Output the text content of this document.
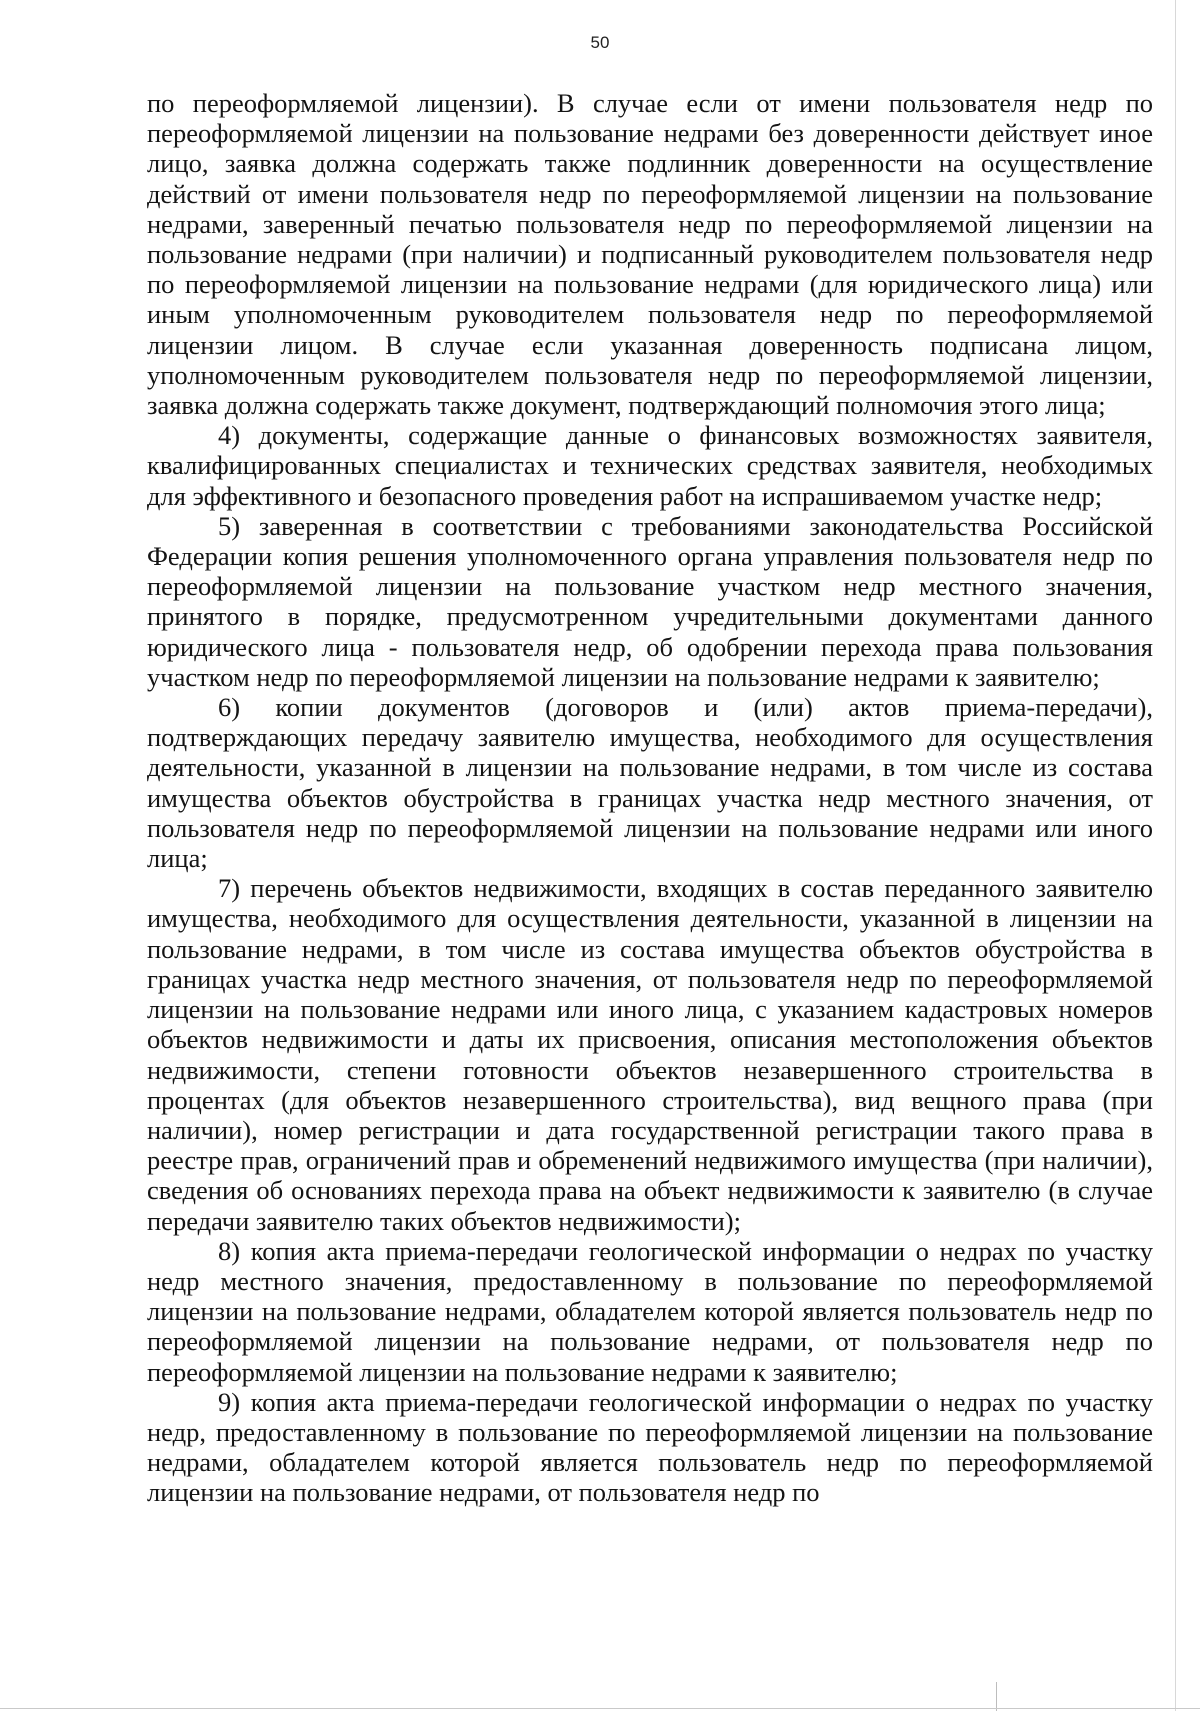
50

по переоформляемой лицензии). В случае если от имени пользователя недр по переоформляемой лицензии на пользование недрами без доверенности действует иное лицо, заявка должна содержать также подлинник доверенности на осуществление действий от имени пользователя недр по переоформляемой лицензии на пользование недрами, заверенный печатью пользователя недр по переоформляемой лицензии на пользование недрами (при наличии) и подписанный руководителем пользователя недр по переоформляемой лицензии на пользование недрами (для юридического лица) или иным уполномоченным руководителем пользователя недр по переоформляемой лицензии лицом. В случае если указанная доверенность подписана лицом, уполномоченным руководителем пользователя недр по переоформляемой лицензии, заявка должна содержать также документ, подтверждающий полномочия этого лица;

4) документы, содержащие данные о финансовых возможностях заявителя, квалифицированных специалистах и технических средствах заявителя, необходимых для эффективного и безопасного проведения работ на испрашиваемом участке недр;

5) заверенная в соответствии с требованиями законодательства Российской Федерации копия решения уполномоченного органа управления пользователя недр по переоформляемой лицензии на пользование участком недр местного значения, принятого в порядке, предусмотренном учредительными документами данного юридического лица - пользователя недр, об одобрении перехода права пользования участком недр по переоформляемой лицензии на пользование недрами к заявителю;

6) копии документов (договоров и (или) актов приема-передачи), подтверждающих передачу заявителю имущества, необходимого для осуществления деятельности, указанной в лицензии на пользование недрами, в том числе из состава имущества объектов обустройства в границах участка недр местного значения, от пользователя недр по переоформляемой лицензии на пользование недрами или иного лица;

7) перечень объектов недвижимости, входящих в состав переданного заявителю имущества, необходимого для осуществления деятельности, указанной в лицензии на пользование недрами, в том числе из состава имущества объектов обустройства в границах участка недр местного значения, от пользователя недр по переоформляемой лицензии на пользование недрами или иного лица, с указанием кадастровых номеров объектов недвижимости и даты их присвоения, описания местоположения объектов недвижимости, степени готовности объектов незавершенного строительства в процентах (для объектов незавершенного строительства), вид вещного права (при наличии), номер регистрации и дата государственной регистрации такого права в реестре прав, ограничений прав и обременений недвижимого имущества (при наличии), сведения об основаниях перехода права на объект недвижимости к заявителю (в случае передачи заявителю таких объектов недвижимости);

8) копия акта приема-передачи геологической информации о недрах по участку недр местного значения, предоставленному в пользование по переоформляемой лицензии на пользование недрами, обладателем которой является пользователь недр по переоформляемой лицензии на пользование недрами, от пользователя недр по переоформляемой лицензии на пользование недрами к заявителю;

9) копия акта приема-передачи геологической информации о недрах по участку недр, предоставленному в пользование по переоформляемой лицензии на пользование недрами, обладателем которой является пользователь недр по переоформляемой лицензии на пользование недрами, от пользователя недр по
